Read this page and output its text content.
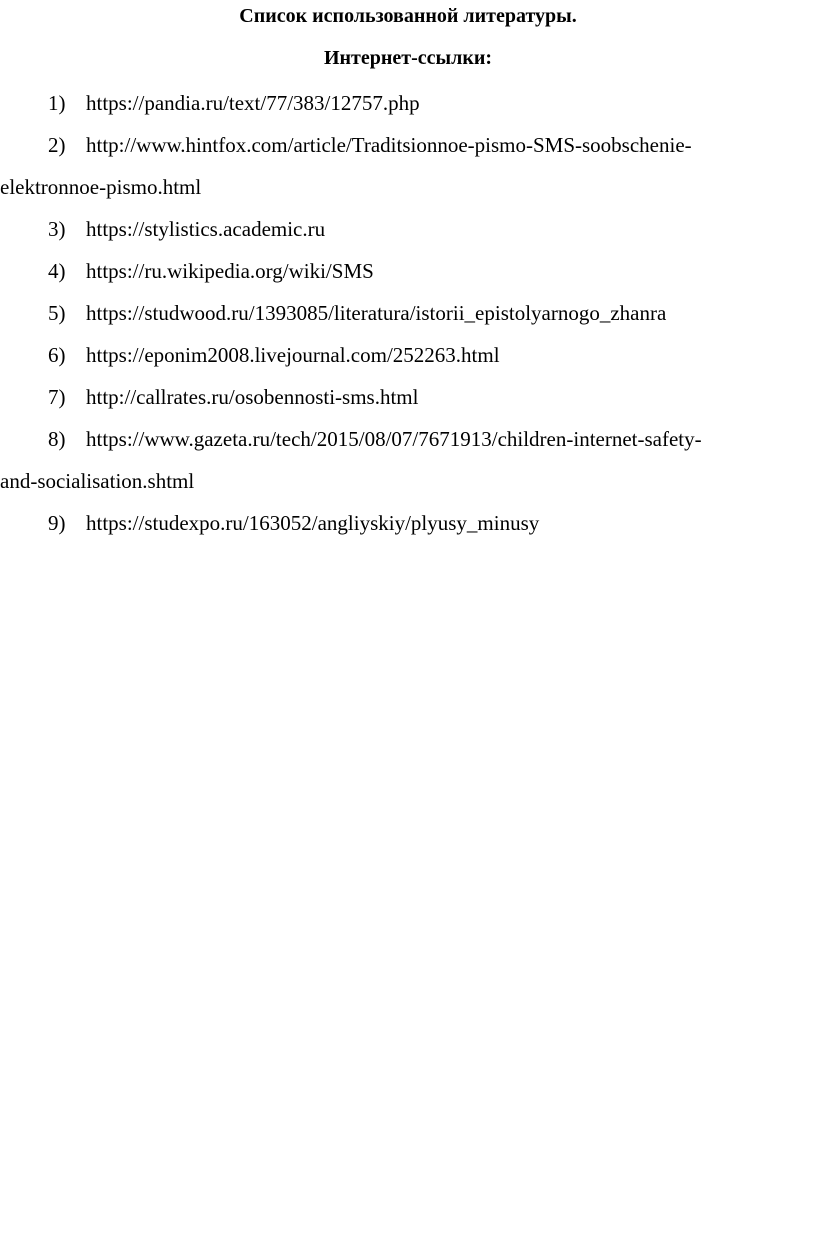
Список использованной литературы.
Интернет-ссылки:
1) https://pandia.ru/text/77/383/12757.php
2) http://www.hintfox.com/article/Traditsionnoe-pismo-SMS-soobschenie-
elektronnoe-pismo.html
3) https://stylistics.academic.ru
4) https://ru.wikipedia.org/wiki/SMS
5) https://studwood.ru/1393085/literatura/istorii_epistolyarnogo_zhanra
6) https://eponim2008.livejournal.com/252263.html
7) http://callrates.ru/osobennosti-sms.html
8) https://www.gazeta.ru/tech/2015/08/07/7671913/children-internet-safety-
and-socialisation.shtml
9) https://studexpo.ru/163052/angliyskiy/plyusy_minusy
